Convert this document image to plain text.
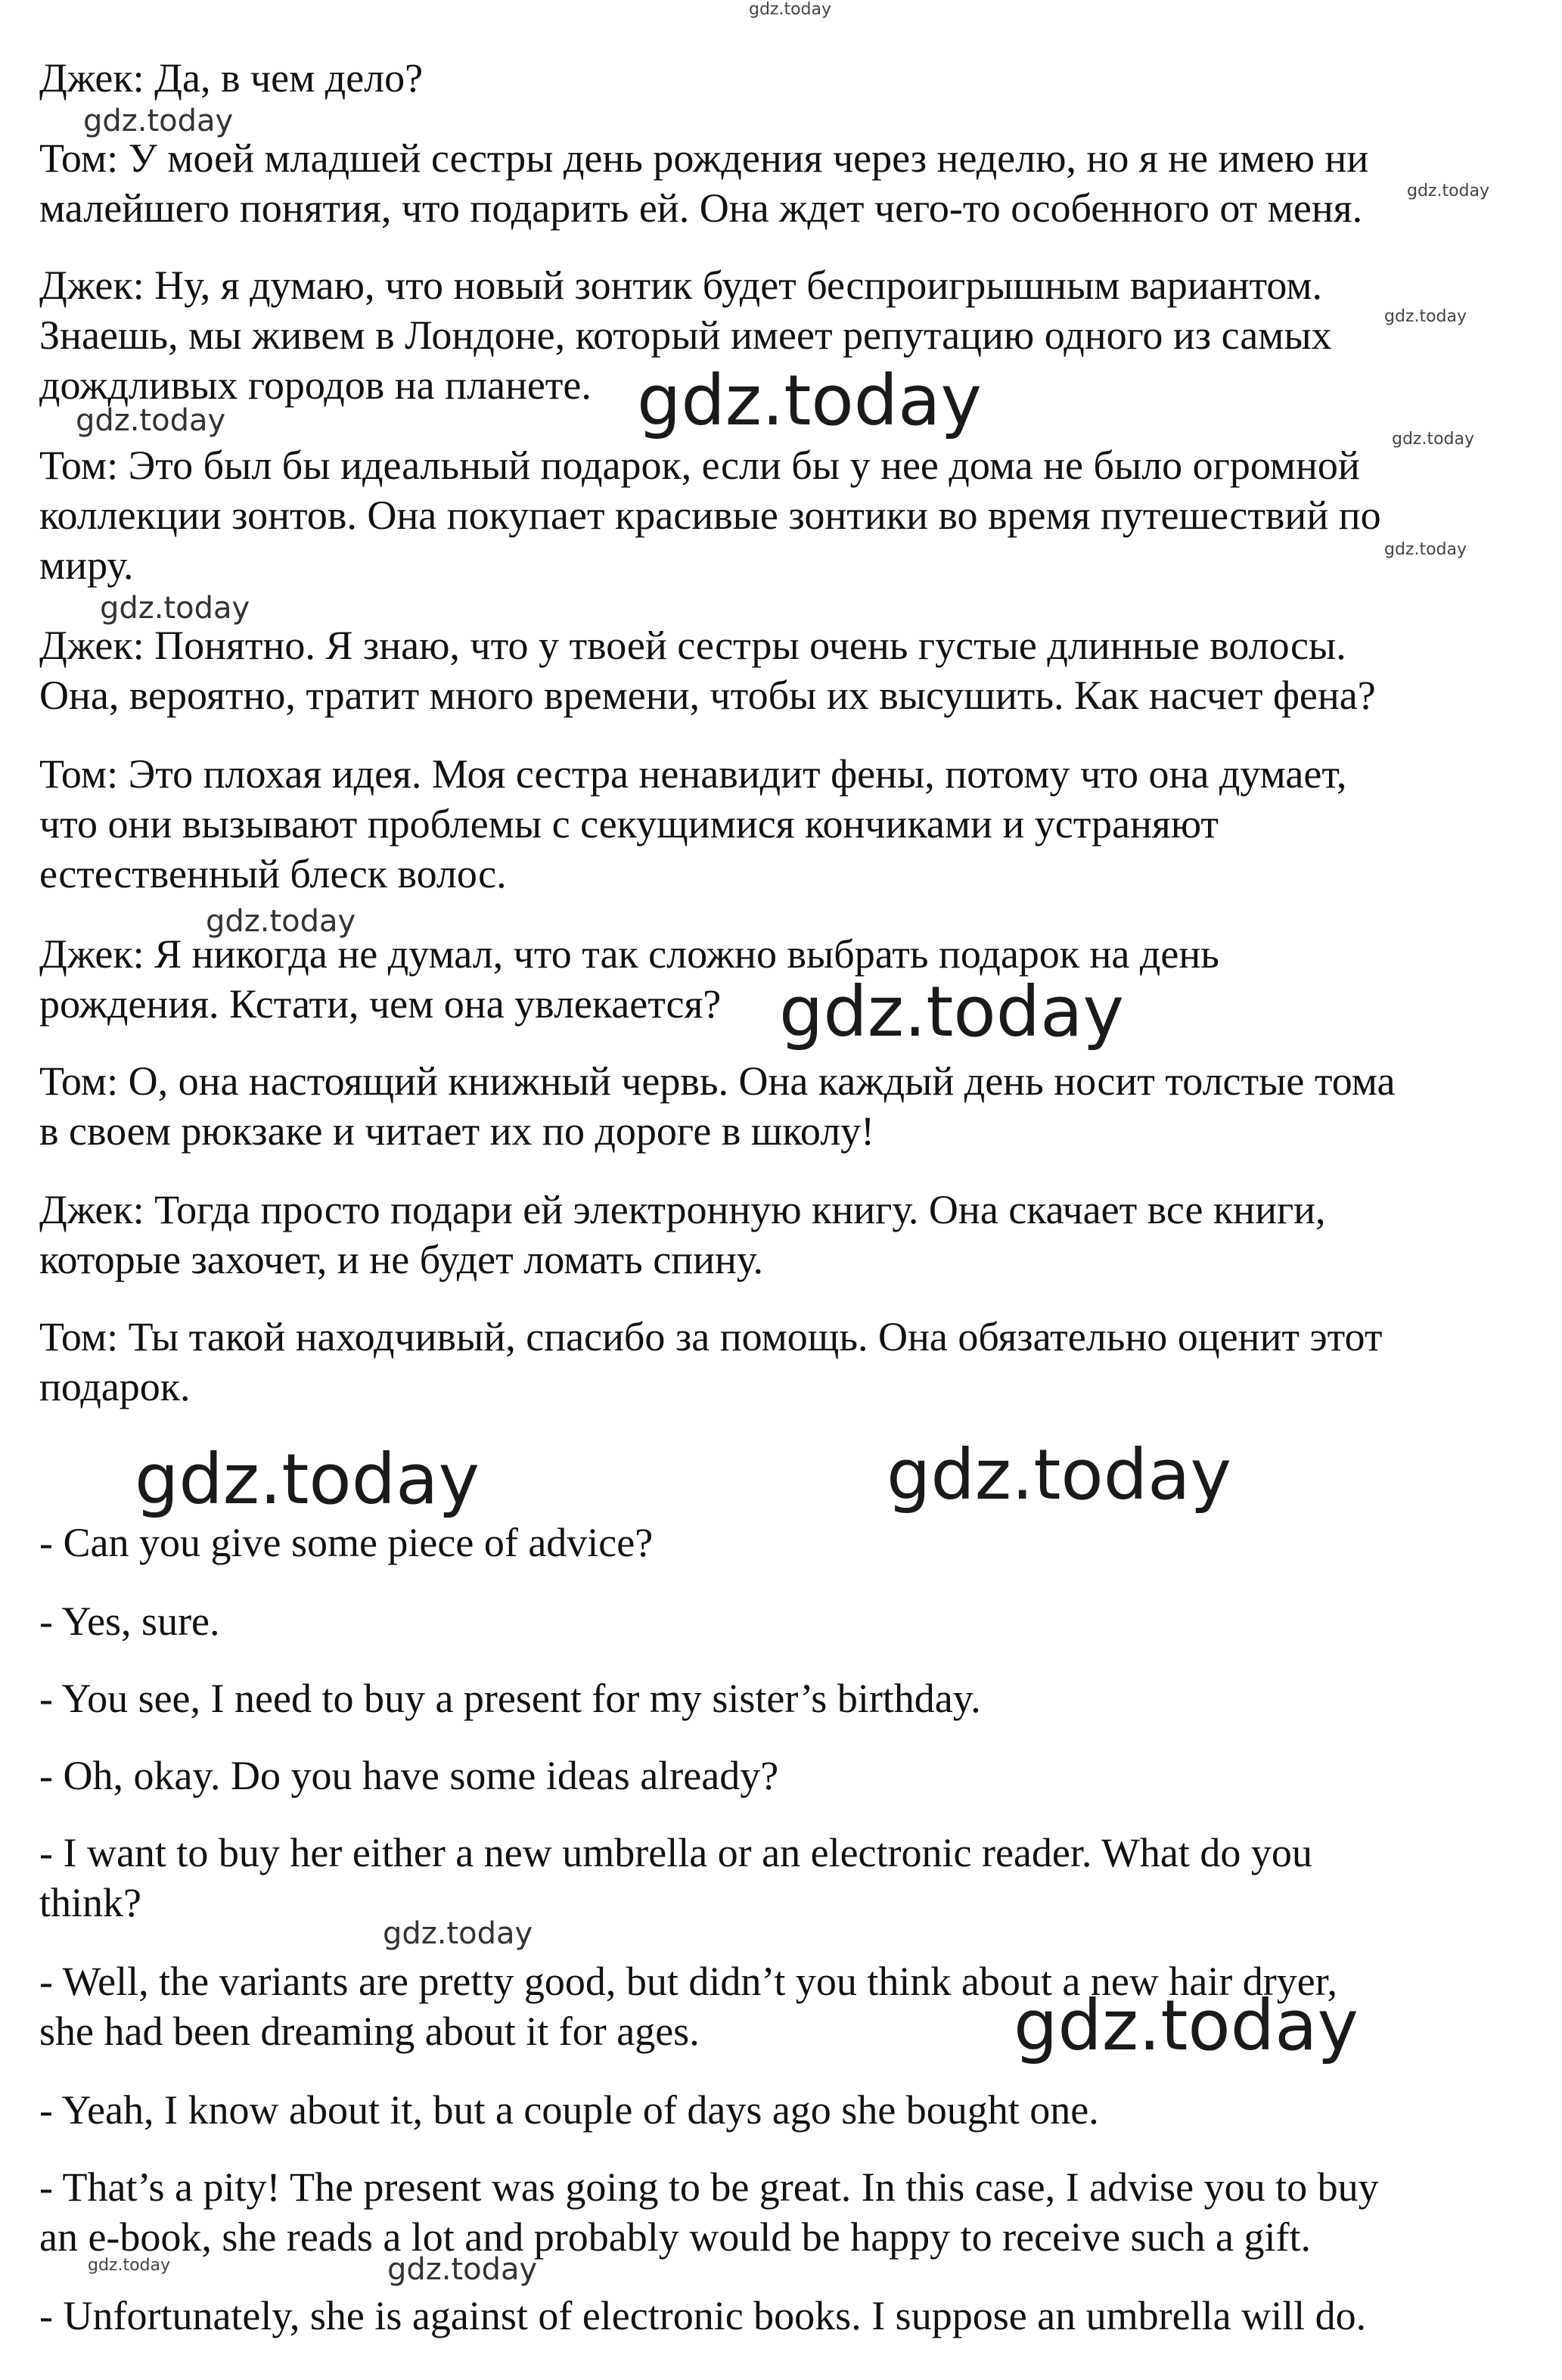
Джек: Да, в чем дело?
Том: У моей младшей сестры день рождения через неделю, но я не имею ни
малейшего понятия, что подарить ей. Она ждет чего-то особенного от меня.
Джек: Ну, я думаю, что новый зонтик будет беспроигрышным вариантом.
Знаешь, мы живем в Лондоне, который имеет репутацию одного из самых
дождливых городов на планете.
Том: Это был бы идеальный подарок, если бы у нее дома не было огромной
коллекции зонтов. Она покупает красивые зонтики во время путешествий по
миру.
Джек: Понятно. Я знаю, что у твоей сестры очень густые длинные волосы.
Она, вероятно, тратит много времени, чтобы их высушить. Как насчет фена?
Том: Это плохая идея. Моя сестра ненавидит фены, потому что она думает,
что они вызывают проблемы с секущимися кончиками и устраняют
естественный блеск волос.
Джек: Я никогда не думал, что так сложно выбрать подарок на день
рождения. Кстати, чем она увлекается?
Том: О, она настоящий книжный червь. Она каждый день носит толстые тома
в своем рюкзаке и читает их по дороге в школу!
Джек: Тогда просто подари ей электронную книгу. Она скачает все книги,
которые захочет, и не будет ломать спину.
Том: Ты такой находчивый, спасибо за помощь. Она обязательно оценит этот
подарок.
- Can you give some piece of advice?
- Yes, sure.
- You see, I need to buy a present for my sister’s birthday.
- Oh, okay. Do you have some ideas already?
- I want to buy her either a new umbrella or an electronic reader. What do you
think?
- Well, the variants are pretty good, but didn’t you think about a new hair dryer,
she had been dreaming about it for ages.
- Yeah, I know about it, but a couple of days ago she bought one.
- That’s a pity! The present was going to be great. In this case, I advise you to buy
an e-book, she reads a lot and probably would be happy to receive such a gift.
- Unfortunately, she is against of electronic books. I suppose an umbrella will do.
gdz.today
gdz.today
gdz.today
gdz.today
gdz.today
gdz.today
gdz.today
gdz.today
gdz.today
gdz.today
gdz.today
gdz.today	gdz.today
gdz.today
gdz.today
gdz.today	gdz.today
